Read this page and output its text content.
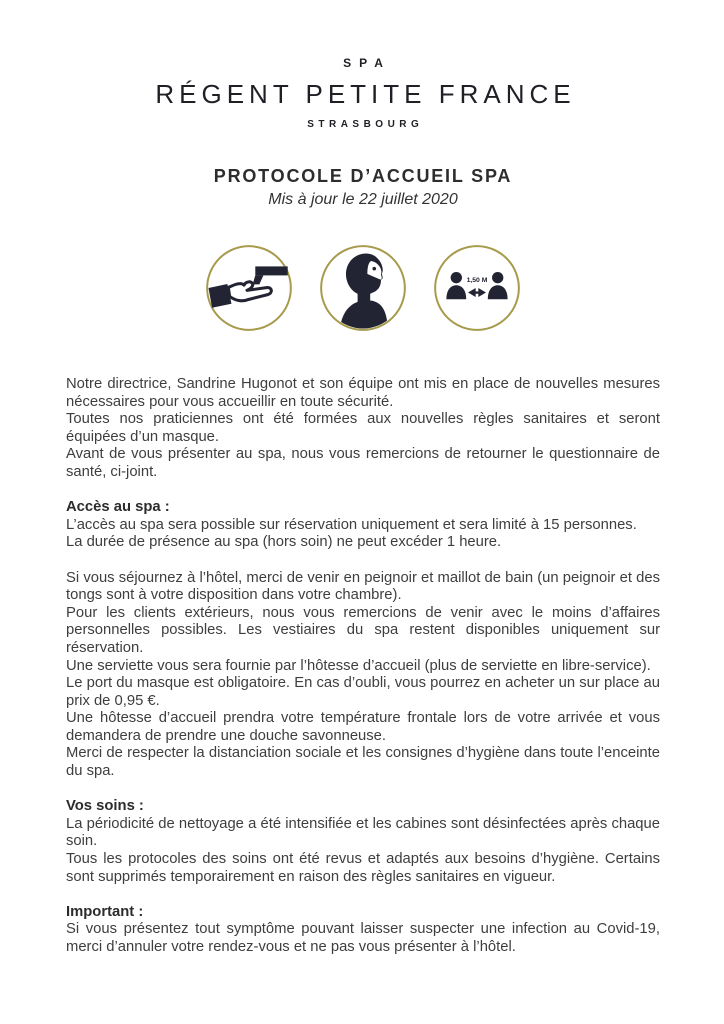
SPA
RÉGENT PETITE FRANCE
STRASBOURG
PROTOCOLE D’ACCUEIL SPA
Mis à jour le 22 juillet 2020
1,50 M

Notre directrice, Sandrine Hugonot et son équipe ont mis en place de nouvelles mesures nécessaires pour vous accueillir en toute sécurité.

Toutes nos praticiennes ont été formées aux nouvelles règles sanitaires et seront équipées d’un masque.

Avant de vous présenter au spa, nous vous remercions de retourner le questionnaire de santé, ci-joint.

Accès au spa :

L’accès au spa sera possible sur réservation uniquement et sera limité à 15 personnes.

La durée de présence au spa (hors soin) ne peut excéder 1 heure.

Si vous séjournez à l’hôtel, merci de venir en peignoir et maillot de bain (un peignoir et des tongs sont à votre disposition dans votre chambre).

Pour les clients extérieurs, nous vous remercions de venir avec le moins d’affaires personnelles possibles. Les vestiaires du spa restent disponibles uniquement sur réservation.

Une serviette vous sera fournie par l’hôtesse d’accueil (plus de serviette en libre-service).

Le port du masque est obligatoire. En cas d’oubli, vous pourrez en acheter un sur place au prix de 0,95 €.

Une hôtesse d’accueil prendra votre température frontale lors de votre arrivée et vous demandera de prendre une douche savonneuse.

Merci de respecter la distanciation sociale et les consignes d’hygiène dans toute l’enceinte du spa.

Vos soins :

La périodicité de nettoyage a été intensifiée et les cabines sont désinfectées après chaque soin.

Tous les protocoles des soins ont été revus et adaptés aux besoins d’hygiène. Certains sont supprimés temporairement en raison des règles sanitaires en vigueur.

Important :

Si vous présentez tout symptôme pouvant laisser suspecter une infection au Covid-19, merci d’annuler votre rendez-vous et ne pas vous présenter à l’hôtel.
